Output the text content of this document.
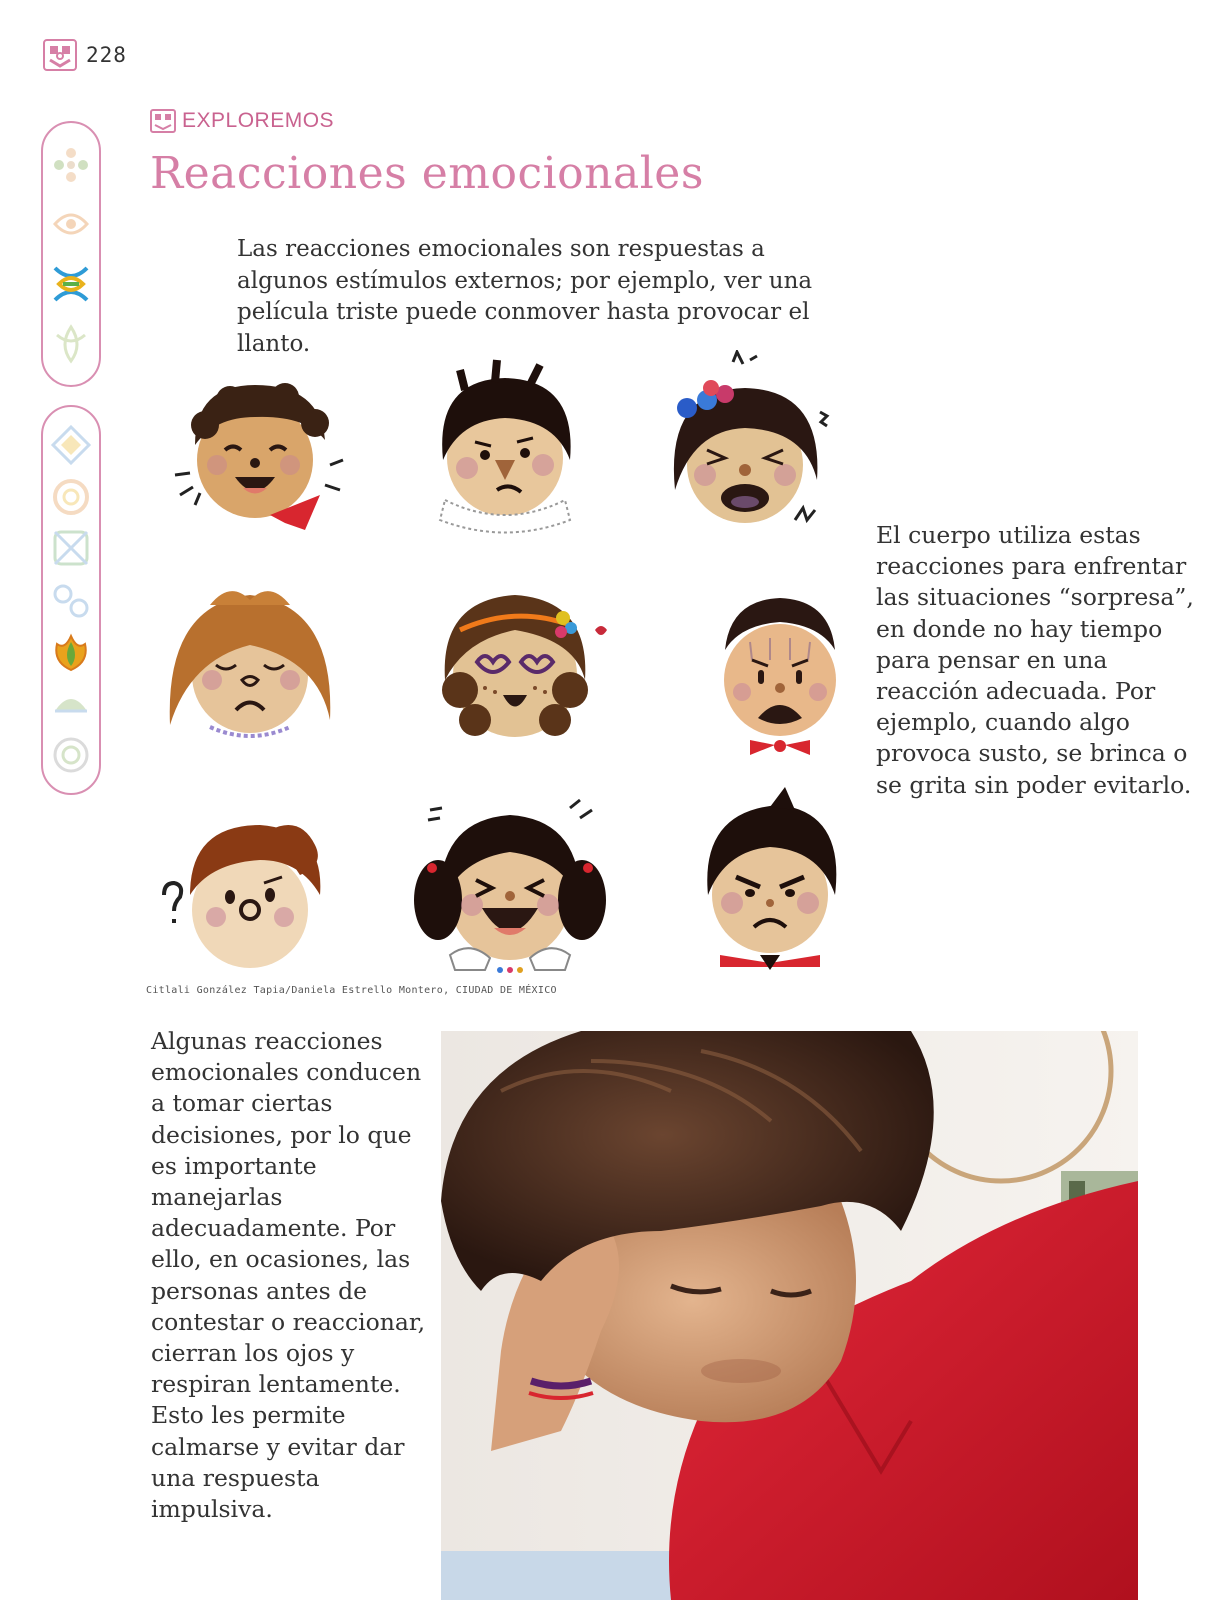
228
EXPLOREMOS
Reacciones emocionales

Las reacciones emocionales son respuestas a algunos estímulos externos; por ejemplo, ver una película triste puede conmover hasta provocar el llanto.

Citlali González Tapia/Daniela Estrello Montero, CIUDAD DE MÉXICO

El cuerpo utiliza estas reacciones para enfrentar las situaciones “sorpresa”, en donde no hay tiempo para pensar en una reacción adecuada. Por ejemplo, cuando algo provoca susto, se brinca o se grita sin poder evitarlo.

Algunas reacciones emocionales conducen a tomar ciertas decisiones, por lo que es importante manejarlas adecuadamente. Por ello, en ocasiones, las personas antes de contestar o reaccionar, cierran los ojos y respiran lentamente. Esto les permite calmarse y evitar dar una respuesta impulsiva.
